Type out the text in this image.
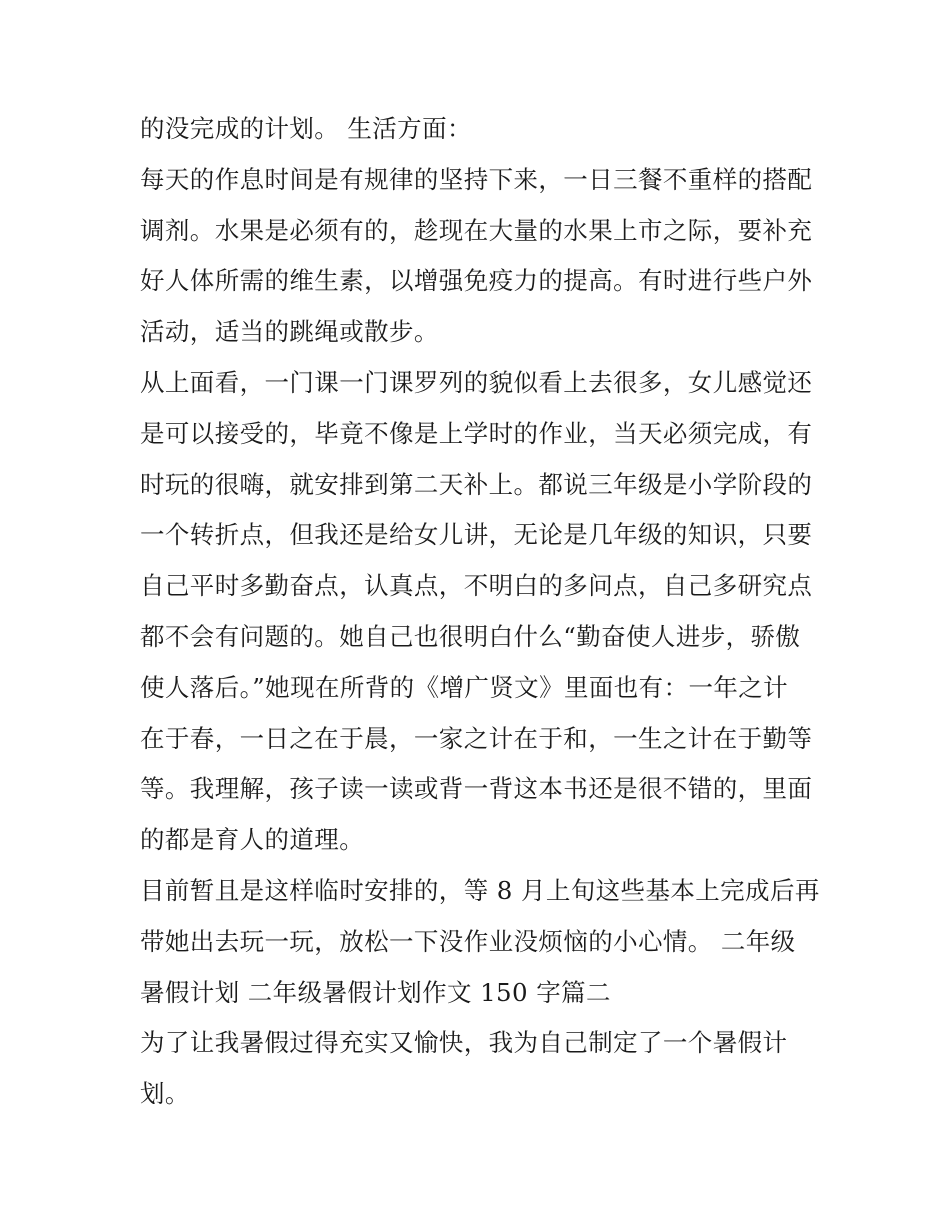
的没完成的计划。 生活方面：
每天的作息时间是有规律的坚持下来，一日三餐不重样的搭配
调剂。水果是必须有的，趁现在大量的水果上市之际，要补充
好人体所需的维生素，以增强免疫力的提高。有时进行些户外
活动，适当的跳绳或散步。
从上面看，一门课一门课罗列的貌似看上去很多，女儿感觉还
是可以接受的，毕竟不像是上学时的作业，当天必须完成，有
时玩的很嗨，就安排到第二天补上。都说三年级是小学阶段的
一个转折点，但我还是给女儿讲，无论是几年级的知识，只要
自己平时多勤奋点，认真点，不明白的多问点，自己多研究点
都不会有问题的。她自己也很明白什么“勤奋使人进步，骄傲
使人落后。”她现在所背的《增广贤文》里面也有：一年之计
在于春，一日之在于晨，一家之计在于和，一生之计在于勤等
等。我理解，孩子读一读或背一背这本书还是很不错的，里面
的都是育人的道理。
目前暂且是这样临时安排的，等 8 月上旬这些基本上完成后再
带她出去玩一玩，放松一下没作业没烦恼的小心情。 二年级
暑假计划 二年级暑假计划作文 150 字篇二
为了让我暑假过得充实又愉快，我为自己制定了一个暑假计
划。
